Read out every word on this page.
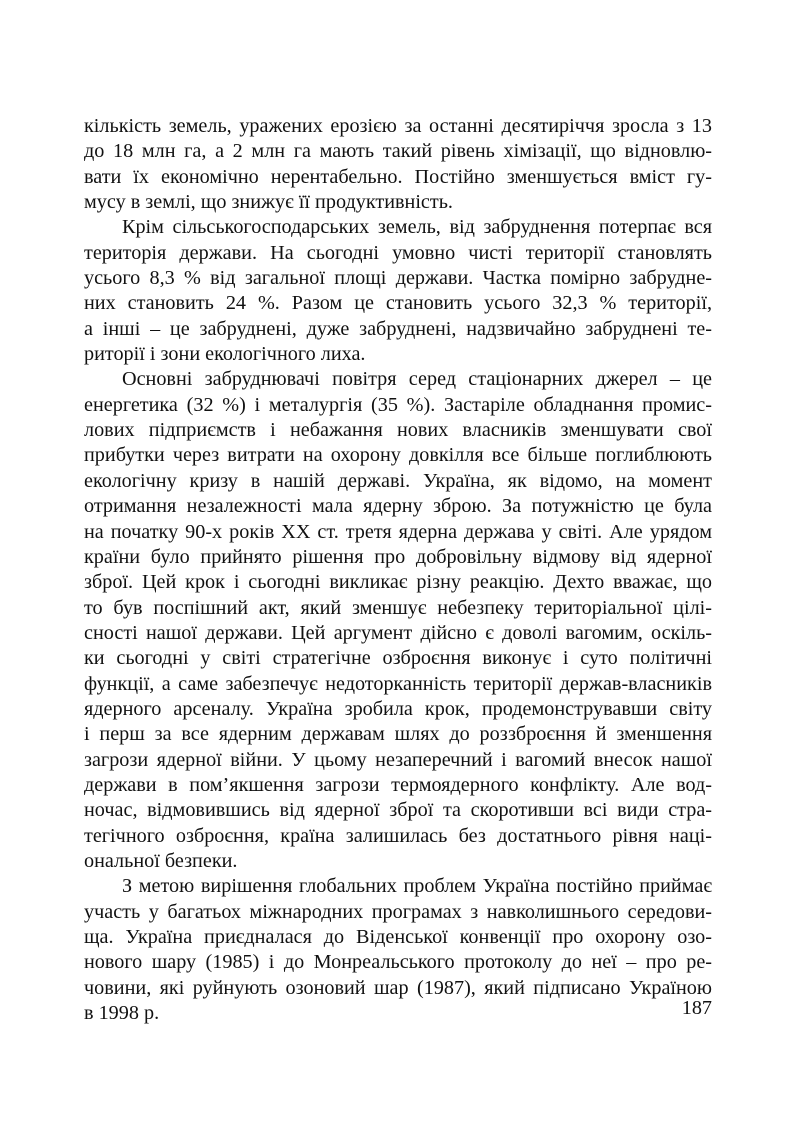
кількість земель, уражених ерозією за останні десятиріччя зросла з 13
до 18 млн га, а 2 млн га мають такий рівень хімізації, що відновлю-
вати їх економічно нерентабельно. Постійно зменшується вміст гу-
мусу в землі, що знижує її продуктивність.
Крім сільськогосподарських земель, від забруднення потерпає вся
територія держави. На сьогодні умовно чисті території становлять
усього 8,3 % від загальної площі держави. Частка помірно забрудне-
них становить 24 %. Разом це становить усього 32,3 % території,
а інші – це забруднені, дуже забруднені, надзвичайно забруднені те-
риторії і зони екологічного лиха.
Основні забруднювачі повітря серед стаціонарних джерел – це
енергетика (32 %) і металургія (35 %). Застаріле обладнання промис-
лових підприємств і небажання нових власників зменшувати свої
прибутки через витрати на охорону довкілля все більше поглиблюють
екологічну кризу в нашій державі. Україна, як відомо, на момент
отримання незалежності мала ядерну зброю. За потужністю це була
на початку 90-х років XX ст. третя ядерна держава у світі. Але урядом
країни було прийнято рішення про добровільну відмову від ядерної
зброї. Цей крок і сьогодні викликає різну реакцію. Дехто вважає, що
то був поспішний акт, який зменшує небезпеку територіальної цілі-
сності нашої держави. Цей аргумент дійсно є доволі вагомим, оскіль-
ки сьогодні у світі стратегічне озброєння виконує і суто політичні
функції, а саме забезпечує недоторканність території держав-власників
ядерного арсеналу. Україна зробила крок, продемонструвавши світу
і перш за все ядерним державам шлях до роззброєння й зменшення
загрози ядерної війни. У цьому незаперечний і вагомий внесок нашої
держави в пом’якшення загрози термоядерного конфлікту. Але вод-
ночас, відмовившись від ядерної зброї та скоротивши всі види стра-
тегічного озброєння, країна залишилась без достатнього рівня наці-
ональної безпеки.
З метою вирішення глобальних проблем Україна постійно приймає
участь у багатьох міжнародних програмах з навколишнього середови-
ща. Україна приєдналася до Віденської конвенції про охорону озо-
нового шару (1985) і до Монреальського протоколу до неї – про ре-
човини, які руйнують озоновий шар (1987), який підписано Україною
в 1998 р.	187
